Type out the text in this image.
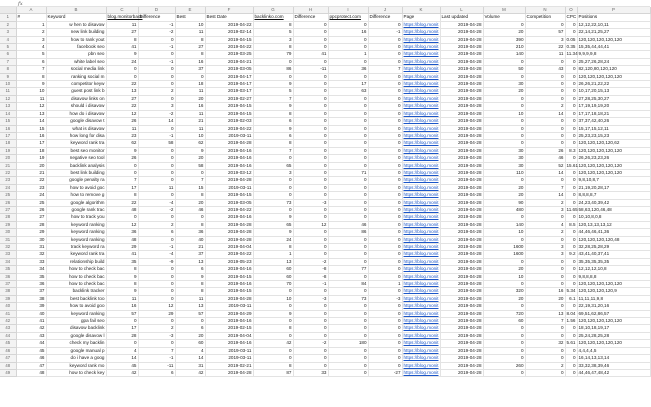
fx
	A	B	C	D	E	F	G	H	I	J	K	L	M	N	O	P	
1	#	Keyword	blog.monitorback	Difference	Best	Best Date	backlinko.com	Difference	ppcprotect.com	Difference	Page	Last updated	Volume	Competition	CPC	Positions	
2	1	w hen to disavow	11	-1	10	2019-04-22	8	0	0	0	https://blog.monit	2019-04-28	0	0	0	12,12,22,10,11	
3	2	new link building	27	-2	11	2019-02-14	5	0	16	-1	https://blog.monit	2019-04-28	20	57	0	22,14,21,25,27	
4	3	how to rank yout	8	0	8	2019-04-15	3	0	0	0	https://blog.monit	2019-04-28	390	3	0.05	120,120,120,120,120	
5	4	facebook seo	41	-1	27	2019-04-22	8	0	0	0	https://blog.monit	2019-04-28	210	22	0.35	15,35,44,44,41	
6	5	pbn seo	9	0	8	2019-03-25	79	41	1	0	https://blog.monit	2019-04-28	140	11	11.34	9,9,9,9,8	
7	6	white label seo	24	-1	16	2019-04-21	0	0	0	0	https://blog.monit	2019-04-28	0	0	0	25,27,26,28,24	
8	7	social media link	0	0	37	2019-03-05	86	-11	36	7	https://blog.monit	2019-04-28	50	43	0	82,120,80,120,120	
9	8	ranking social m	0	0	0	2019-04-17	0	0	0	0	https://blog.monit	2019-04-28	0	0	0	120,120,120,120,120	
10	9	competitor keyw	22	0	18	2019-04-17	9	0	17	0	https://blog.monit	2019-04-28	30	0	0	26,26,21,22,22	
11	10	guest post link b	13	2	11	2019-03-17	5	0	63	0	https://blog.monit	2019-04-28	20	0	0	10,17,20,15,13	
12	11	disavow links on	27	0	20	2019-02-27	7	0	0	0	https://blog.monit	2019-04-28	0	0	0	27,28,25,30,27	
13	12	should i disavow	22	3	16	2019-04-15	9	0	0	0	https://blog.monit	2019-04-28	0	2	0	17,19,19,19,20	
14	13	how do i disavow	12	-2	11	2019-04-15	8	0	0	0	https://blog.monit	2019-04-28	10	14	0	17,17,18,18,21	
15	14	google disavow t	26	14	21	2019-02-03	6	0	0	0	https://blog.monit	2019-04-28	0	0	0	37,37,42,40,26	
16	15	what is disavow	11	0	11	2019-04-22	9	0	0	0	https://blog.monit	2019-04-28	0	0	0	15,17,15,12,11	
17	16	how long for disa	23	-1	10	2019-03-11	6	0	0	0	https://blog.monit	2019-04-28	0	0	0	25,23,23,15,23	
18	17	keyword rank tra	62	58	62	2019-04-28	8	0	0	0	https://blog.monit	2019-04-28	0	0	0	120,120,120,120,62	
19	18	best seo monitor	9	0	9	2019-04-16	7	0	0	0	https://blog.monit	2019-04-28	30	26	8.3	120,120,120,120,120	
20	19	negative seo tool	26	0	20	2019-04-16	0	0	0	0	https://blog.monit	2019-04-28	30	46	0	26,26,23,23,26	
21	20	backlink analysis	0	0	58	2019-04-16	65	0	0	0	https://blog.monit	2019-04-28	30	52	15.61	120,120,120,120,120	
22	21	best link building	0	0	0	2019-03-12	3	0	71	0	https://blog.monit	2019-04-28	110	14	0	120,120,120,120,120	
23	22	google penalty ra	7	0	7	2019-04-28	0	0	0	0	https://blog.monit	2019-04-28	0	0	0	9,8,10,8,7	
24	23	how to avoid goc	17	11	15	2019-03-11	0	0	0	0	https://blog.monit	2019-04-28	20	7	0	21,19,20,28,17	
25	24	how to remove g	8	0	8	2019-04-15	0	0	0	0	https://blog.monit	2019-04-28	20	14	0	8,8,8,8,7	
26	25	google algorithm	22	-4	20	2019-03-05	73	-3	0	0	https://blog.monit	2019-04-28	90	2	0	24,23,40,39,42	
27	26	google rank trac	48	-2	46	2019-04-22	0	0	0	0	https://blog.monit	2019-04-28	480	3	11.65	58,63,120,46,48	
28	27	how to track you	0	0	0	2019-04-16	9	0	0	0	https://blog.monit	2019-04-28	0	0	0	10,10,8,0,8	
29	28	keyword ranking	12	2	8	2019-04-28	65	12	46	0	https://blog.monit	2019-04-28	140	4	8.5	120,13,13,13,12	
30	29	keyword ranking	36	6	36	2019-04-28	9	0	86	0	https://blog.monit	2019-04-28	10	2	0	44,46,46,41,36	
31	30	keyword ranking	48	0	40	2019-04-28	24	0	0	0	https://blog.monit	2019-04-28	0	0	0	120,120,120,120,48	
32	31	track keyword ra	29	-1	21	2019-04-04	8	0	0	0	https://blog.monit	2019-04-28	1600	3	0	32,28,25,28,29	
33	32	keyword rank tra	41	-4	37	2019-04-22	1	0	0	0	https://blog.monit	2019-04-28	1600	3	9.2	43,41,40,37,41	
34	33	relationship build	35	-9	13	2019-05-23	13	-2	0	0	https://blog.monit	2019-04-28	0	0	0	35,35,35,35,35	
35	34	how to check bac	8	0	6	2019-04-16	60	-8	77	0	https://blog.monit	2019-04-28	20	0	0	12,12,12,10,8	
36	35	how to check bac	9	0	9	2019-04-15	60	-8	0	0	https://blog.monit	2019-04-28	10	0	0	9,8,8,8,8	
37	36	how to check bac	8	0	8	2019-04-16	70	-1	84	1	https://blog.monit	2019-04-28	0	0	0	120,120,120,120,120	
38	37	backlink tracker	9	0	8	2019-04-15	0	0	0	0	https://blog.monit	2019-04-28	320	16	5.34	120,120,120,120,9	
39	38	best backlink too	11	0	11	2019-04-28	10	-3	73	-3	https://blog.monit	2019-04-28	20	20	6.1	11,11,11,9,8	
40	39	how to avoid goo	16	12	13	2019-03-11	0	0	0	0	https://blog.monit	2019-04-28	0	0	0	22,19,31,20,16	
41	40	keyword ranking	57	29	57	2019-04-29	9	0	0	0	https://blog.monit	2019-04-28	720	13	8.04	69,51,62,86,57	
42	41	gpa fail seo	0	0	0	2019-04-16	0	0	0	0	https://blog.monit	2019-04-28	60	7	1.56	120,120,120,120,120	
43	42	disavow backlink	17	2	6	2019-02-15	8	0	0	0	https://blog.monit	2019-04-28	0	0	0	18,10,18,19,17	
44	43	google disavow l	28	-3	20	2019-04-04	0	0	0	0	https://blog.monit	2019-04-28	0	0	0	25,24,28,25,28	
45	44	check my backlin	0	0	60	2019-04-16	42	-2	180	0	https://blog.monit	2019-04-28	0	32	5.61	120,120,120,120,120	
46	45	google manual p	4	7	4	2019-03-11	0	0	0	0	https://blog.monit	2019-04-28	0	0	0	4,4,4,4,5	
47	46	do i have a goog	14	-1	14	2019-03-11	0	0	0	0	https://blog.monit	2019-04-28	0	0	0	16,14,13,13,14	
48	47	keyword rank mo	45	-11	31	2019-02-21	8	0	0	0	https://blog.monit	2019-04-28	260	2	0	33,32,38,39,46	
49	48	how to check key	42	6	42	2019-04-28	87	33	0	-27	https://blog.monit	2019-04-28	0	0	0	44,46,47,48,42	
